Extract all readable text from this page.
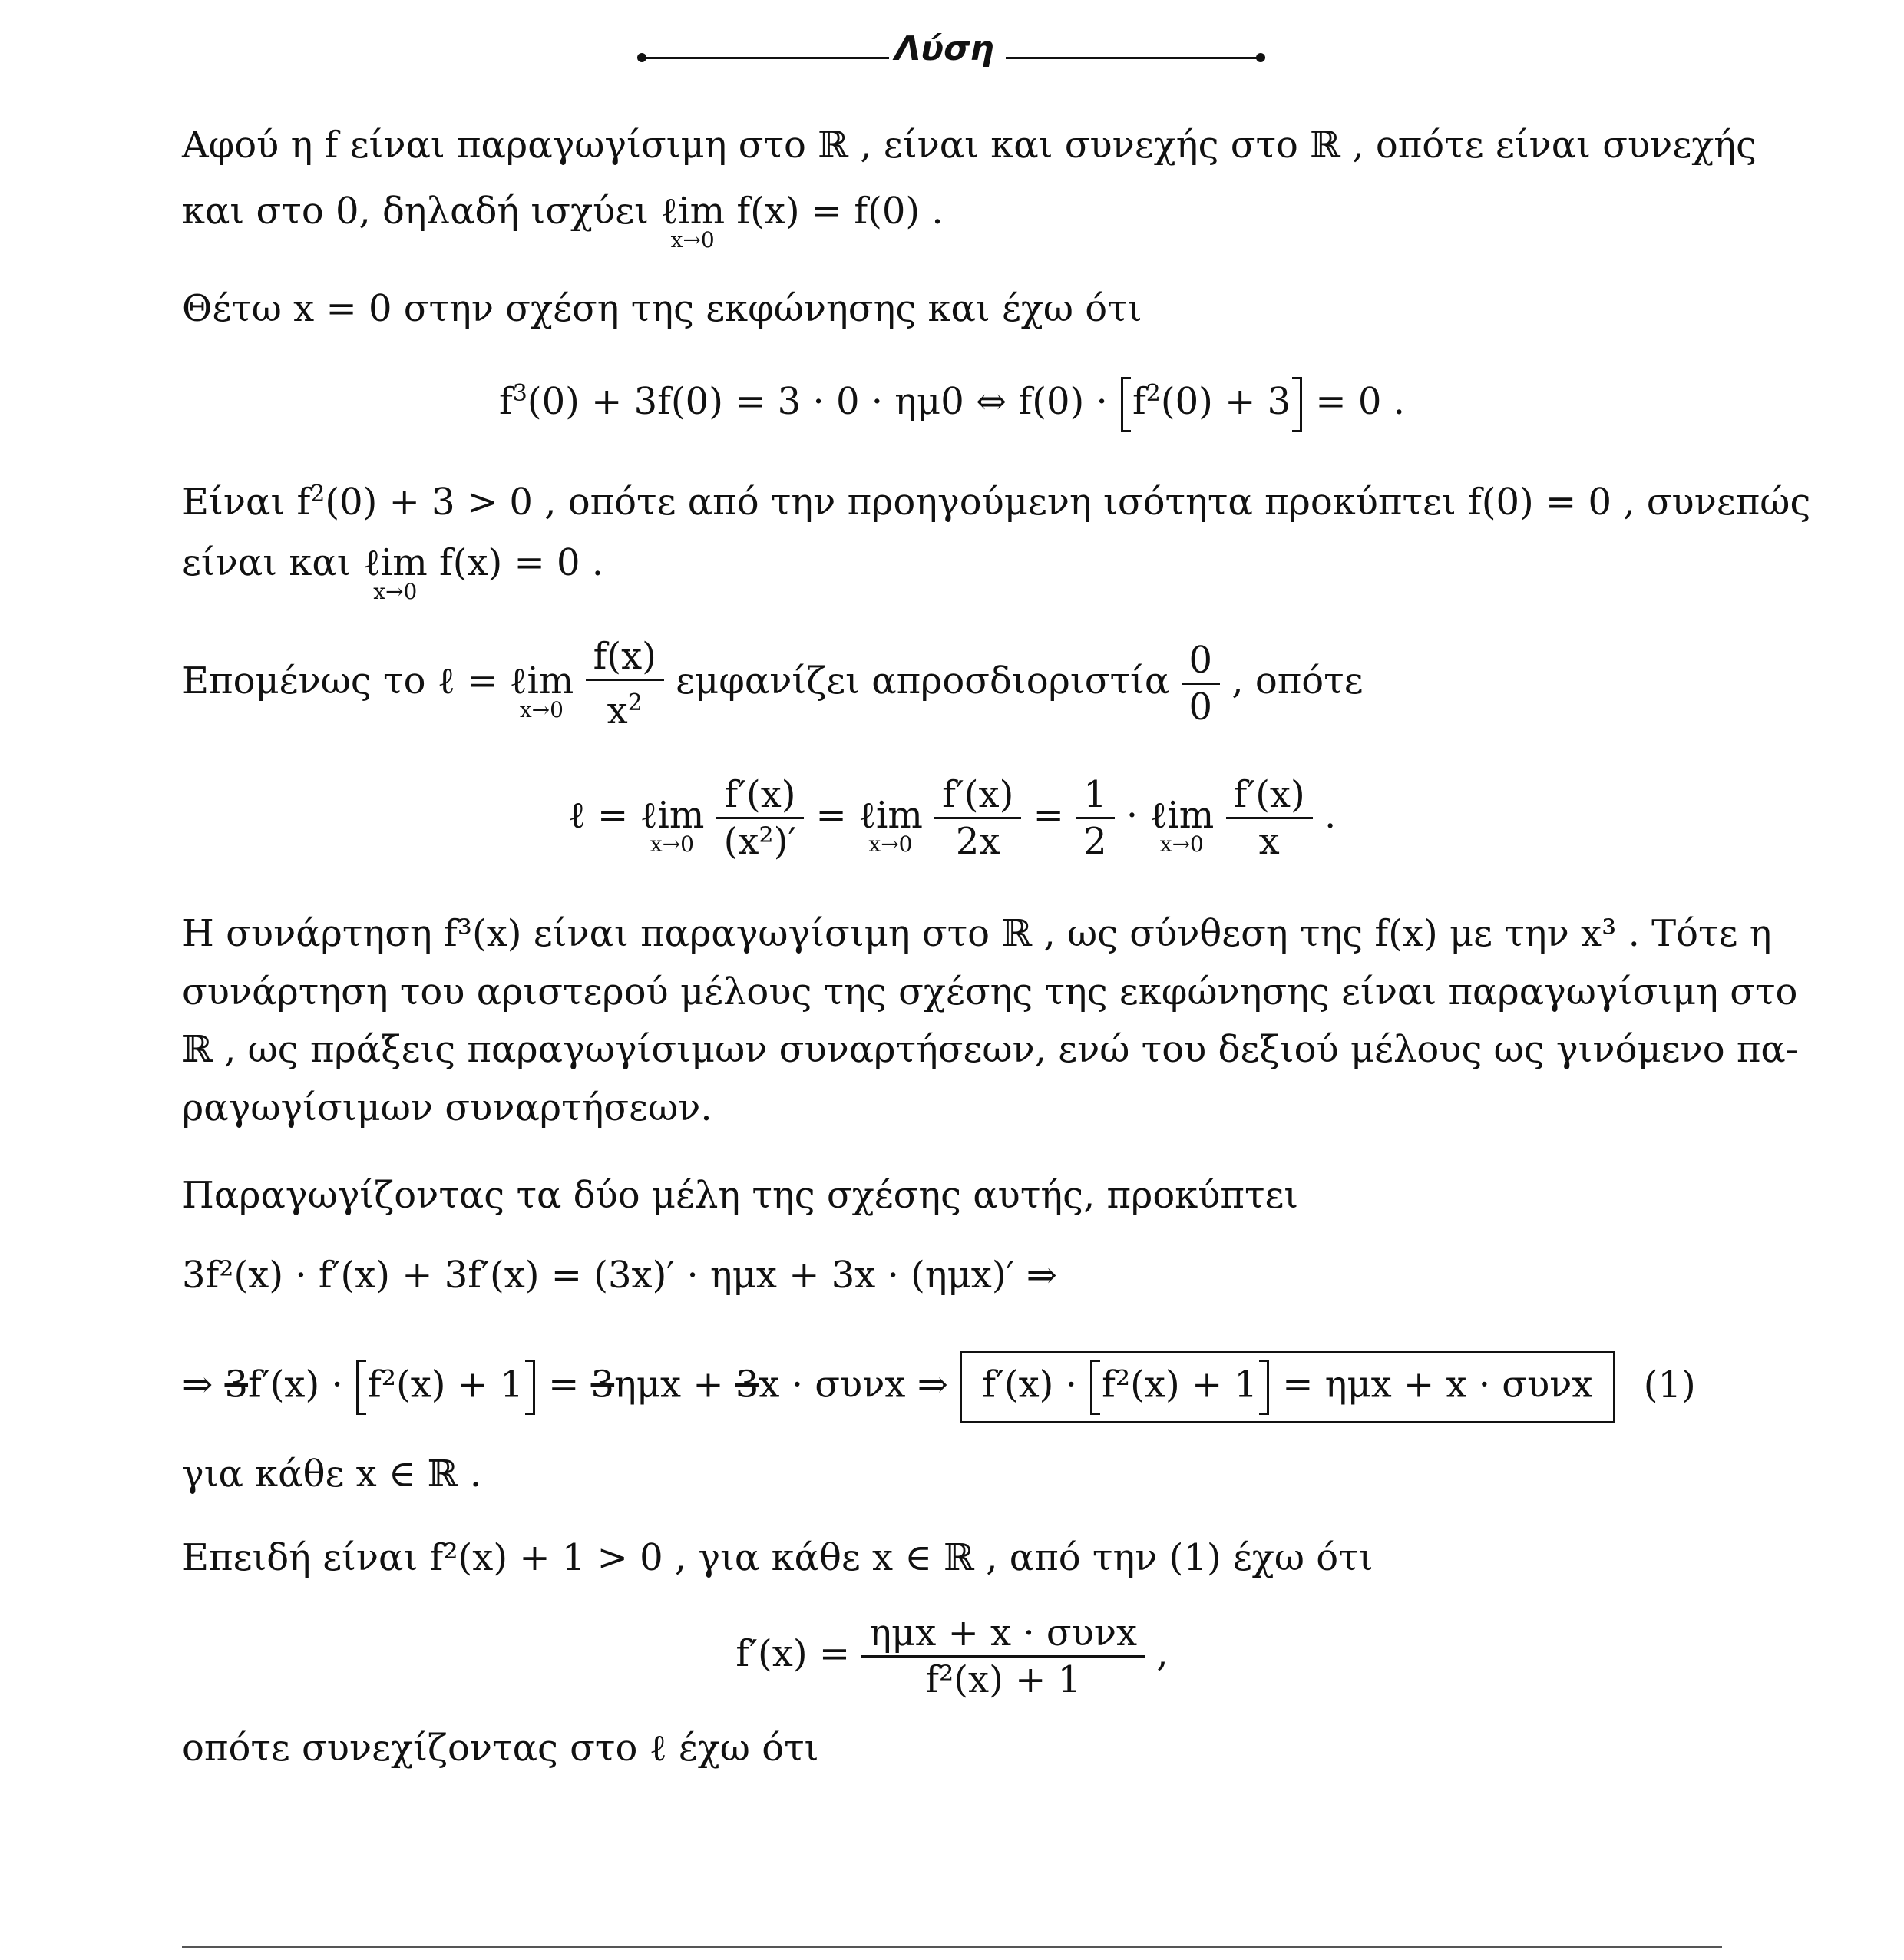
Λύση
Αφού η f είναι παραγωγίσιμη στο ℝ , είναι και συνεχής στο ℝ , οπότε είναι συνεχής
και στο 0, δηλαδή ισχύει ℓim
x→0
f(x) = f(0) .
Θέτω x = 0 στην σχέση της εκφώνησης και έχω ότι
$f^3(0) + 3f(0) = 3 \cdot 0 \cdot \eta\mu 0$ ⇔ $f(0) \cdot f^2(0) + 3 = 0$ .
Είναι $f^2(0) + 3 > 0$ , οπότε από την προηγούμενη ισότητα προκύπτει f(0) = 0 , συνεπώς
είναι και ℓim
x→0
f(x) = 0 .
Επομένως το ℓ = ℓim
x→0
$\frac{f(x)}{x^2}$ εμφανίζει απροσδιοριστία $\frac{0}{0}$ , οπότε
ℓ = ℓim
x→0
$\frac{f'(x)}{\text{(x²)′}}$ = ℓim
x→0
$\frac{f'(x)}{2x} = \frac{1}{2}$ · ℓim
x→0
$\frac{f'(x)}{x}$ .
Η συνάρτηση f³(x) είναι παραγωγίσιμη στο ℝ , ως σύνθεση της f(x) με την x³ . Τότε η
συνάρτηση του αριστερού μέλους της σχέσης της εκφώνησης είναι παραγωγίσιμη στο
ℝ , ως πράξεις παραγωγίσιμων συναρτήσεων, ενώ του δεξιού μέλους ως γινόμενο πα-
ραγωγίσιμων συναρτήσεων.
Παραγωγίζοντας τα δύο μέλη της σχέσης αυτής, προκύπτει
3f²(x) · f′(x) + 3f′(x) = (3x)′ · ημx + 3x · (ημx)′ ⇒
⇒ 3f′(x) · f²(x) + 1 = 3ημx + 3x · συνx ⇒ f′(x) · f²(x) + 1 = ημx + x · συνx (1)
για κάθε x ∈ ℝ .
Επειδή είναι f²(x) + 1 > 0 , για κάθε x ∈ ℝ , από την (1) έχω ότι
$f'(x) = \frac{\text{ημx + x · συνx}}{\text{f²(x) + 1}}$ ,
οπότε συνεχίζοντας στο ℓ έχω ότι
